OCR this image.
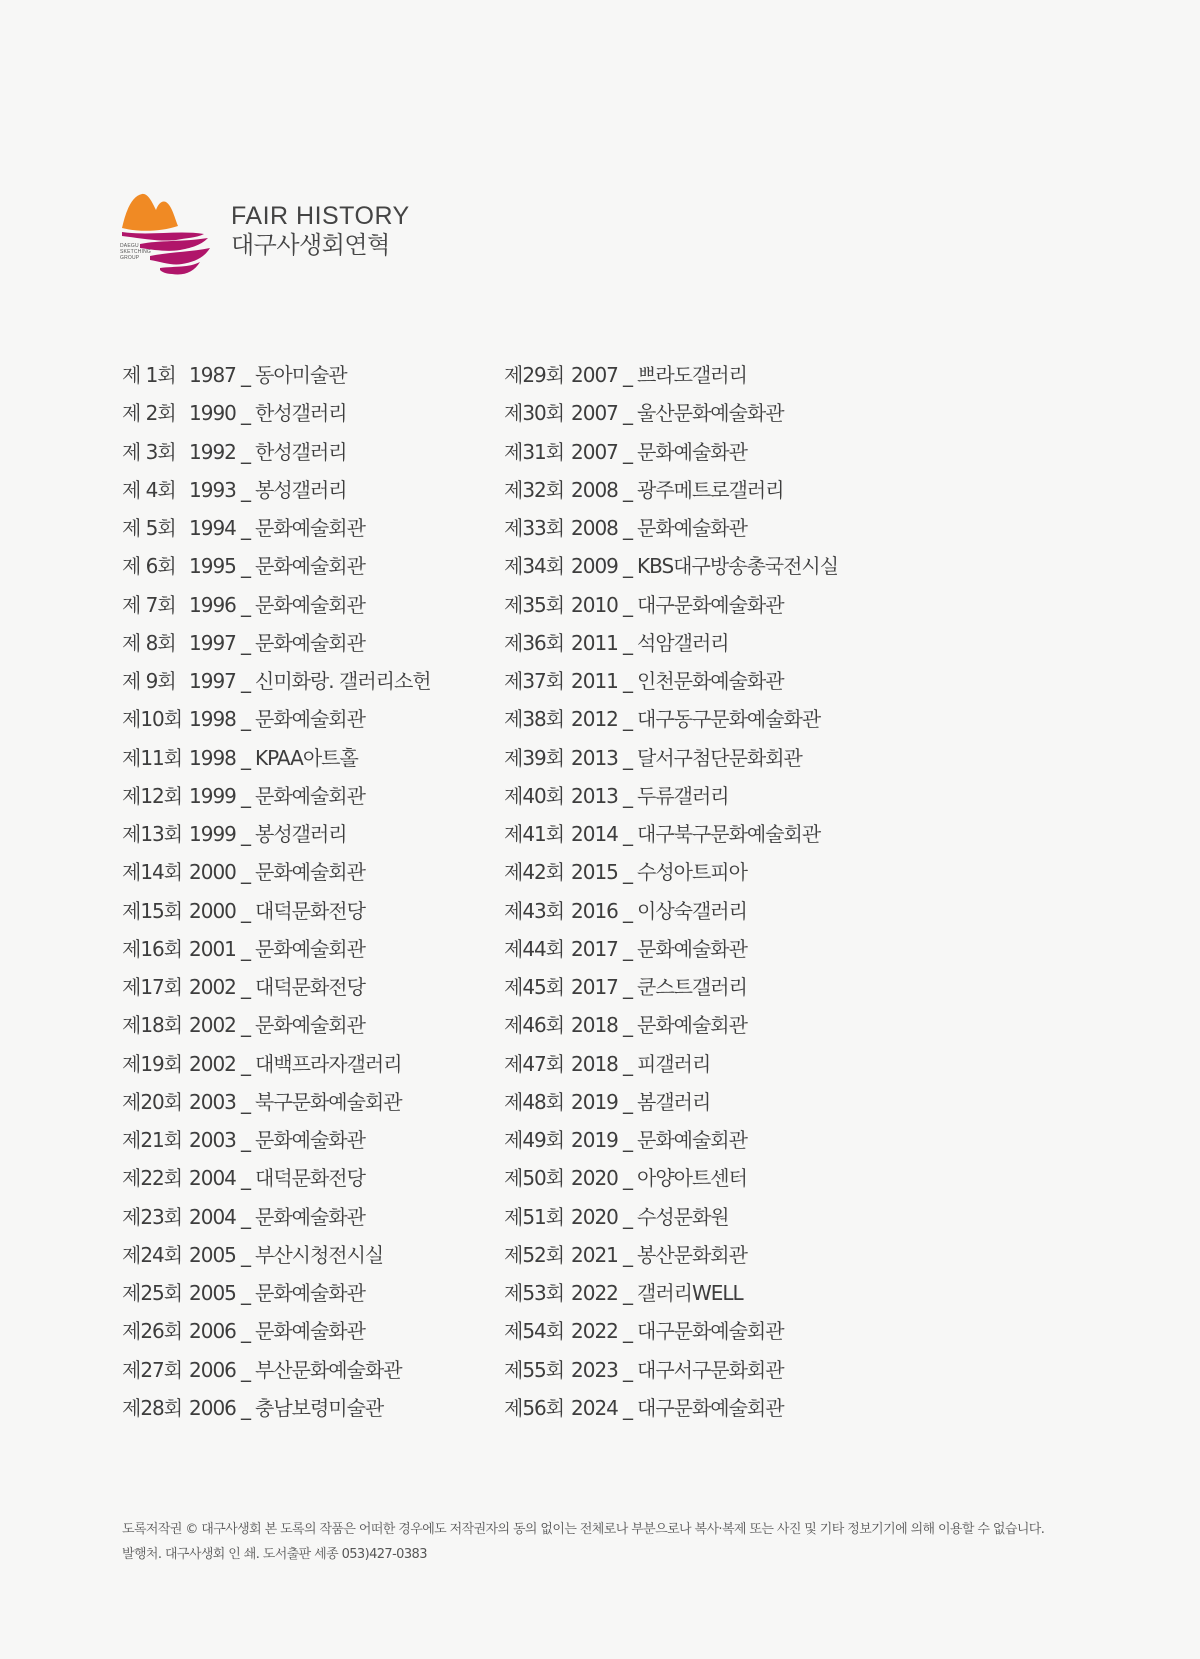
DAEGU
SKETCHING
GROUP
FAIR HISTORY
대구사생회연혁
제 1회 1987 _ 동아미술관
제 2회 1990 _ 한성갤러리
제 3회 1992 _ 한성갤러리
제 4회 1993 _ 봉성갤러리
제 5회 1994 _ 문화예술회관
제 6회 1995 _ 문화예술회관
제 7회 1996 _ 문화예술회관
제 8회 1997 _ 문화예술회관
제 9회 1997 _ 신미화랑. 갤러리소헌
제10회 1998 _ 문화예술회관
제11회 1998 _ KPAA아트홀
제12회 1999 _ 문화예술회관
제13회 1999 _ 봉성갤러리
제14회 2000 _ 문화예술회관
제15회 2000 _ 대덕문화전당
제16회 2001 _ 문화예술회관
제17회 2002 _ 대덕문화전당
제18회 2002 _ 문화예술회관
제19회 2002 _ 대백프라자갤러리
제20회 2003 _ 북구문화예술회관
제21회 2003 _ 문화예술화관
제22회 2004 _ 대덕문화전당
제23회 2004 _ 문화예술화관
제24회 2005 _ 부산시청전시실
제25회 2005 _ 문화예술화관
제26회 2006 _ 문화예술화관
제27회 2006 _ 부산문화예술화관
제28회 2006 _ 충남보령미술관
제29회 2007 _ 쁘라도갤러리
제30회 2007 _ 울산문화예술화관
제31회 2007 _ 문화예술화관
제32회 2008 _ 광주메트로갤러리
제33회 2008 _ 문화예술화관
제34회 2009 _ KBS대구방송총국전시실
제35회 2010 _ 대구문화예술화관
제36회 2011 _ 석암갤러리
제37회 2011 _ 인천문화예술화관
제38회 2012 _ 대구동구문화예술화관
제39회 2013 _ 달서구첨단문화회관
제40회 2013 _ 두류갤러리
제41회 2014 _ 대구북구문화예술회관
제42회 2015 _ 수성아트피아
제43회 2016 _ 이상숙갤러리
제44회 2017 _ 문화예술화관
제45회 2017 _ 쿤스트갤러리
제46회 2018 _ 문화예술회관
제47회 2018 _ 피갤러리
제48회 2019 _ 봄갤러리
제49회 2019 _ 문화예술회관
제50회 2020 _ 아양아트센터
제51회 2020 _ 수성문화원
제52회 2021 _ 봉산문화회관
제53회 2022 _ 갤러리WELL
제54회 2022 _ 대구문화예술회관
제55회 2023 _ 대구서구문화회관
제56회 2024 _ 대구문화예술회관
도록저작권 © 대구사생회 본 도록의 작품은 어떠한 경우에도 저작권자의 동의 없이는 전체로나 부분으로나 복사·복제 또는 사진 및 기타 정보기기에 의해 이용할 수 없습니다.
발행처. 대구사생회 인 쇄. 도서출판 세종 053)427-0383
